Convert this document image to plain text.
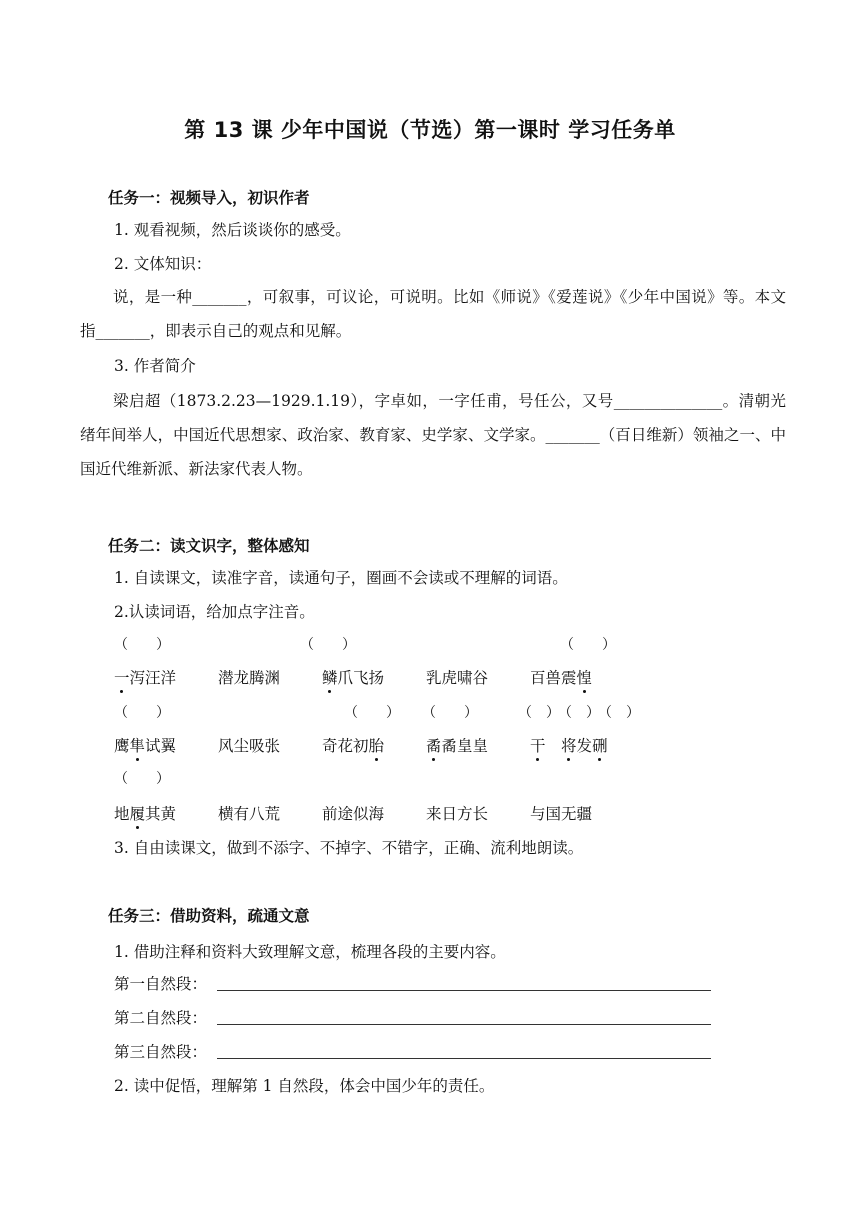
第 13 课 少年中国说（节选）第一课时 学习任务单
任务一：视频导入，初识作者
1. 观看视频，然后谈谈你的感受。
2. 文体知识：
说，是一种_______，可叙事，可议论，可说明。比如《师说》《爱莲说》《少年中国说》等。本文指_______，即表示自己的观点和见解。
3. 作者简介
梁启超（1873.2.23—1929.1.19），字卓如，一字任甫，号任公，又号______________。清朝光绪年间举人，中国近代思想家、政治家、教育家、史学家、文学家。_______（百日维新）领袖之一、中国近代维新派、新法家代表人物。
任务二：读文识字，整体感知
1. 自读课文，读准字音，读通句子，圈画不会读或不理解的词语。
2.认读词语，给加点字注音。
（　　）	（　　）	（　　）
一泻汪洋	潜龙腾渊	鳞爪飞扬	乳虎啸谷	百兽震惶
（　　）	（　　） （　　）	（　）
（　）
（　）
鹰隼试翼	风尘吸张	奇花初胎	矞矞皇皇	干　 将发硎
（　　）
地履其黄	横有八荒	前途似海	来日方长	与国无疆
3. 自由读课文，做到不添字、不掉字、不错字，正确、流利地朗读。
任务三：借助资料，疏通文意
1. 借助注释和资料大致理解文意，梳理各段的主要内容。
第一自然段：
第二自然段：
第三自然段：
2. 读中促悟，理解第 1 自然段，体会中国少年的责任。
